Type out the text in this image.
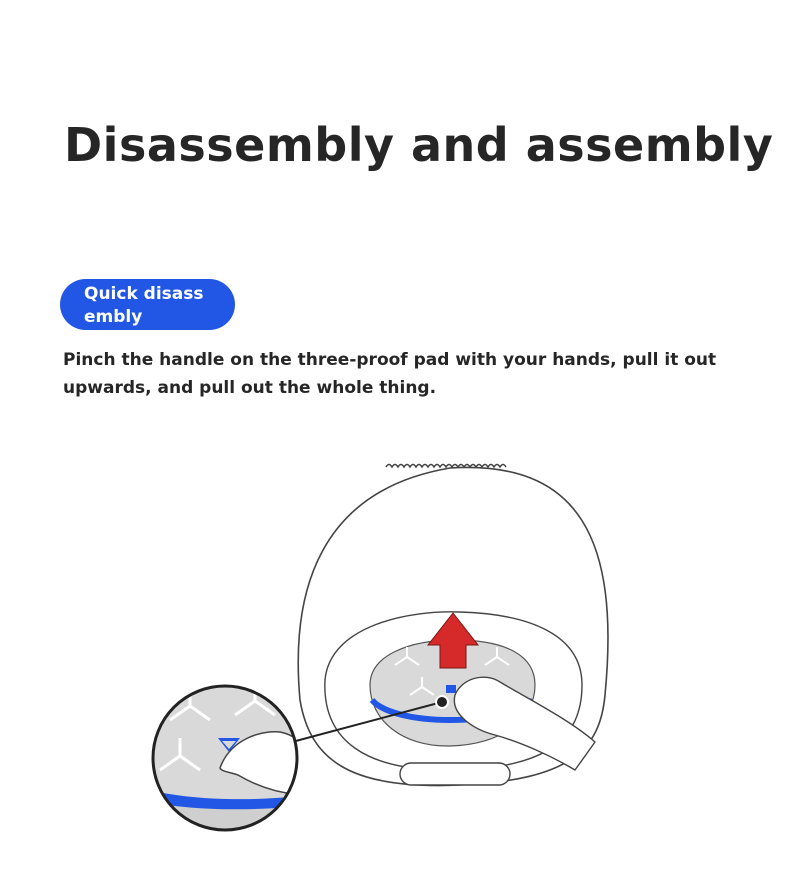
Disassembly and assembly
Quick disass
embly
Pinch the handle on the three-proof pad with your hands, pull it out upwards, and pull out the whole thing.
